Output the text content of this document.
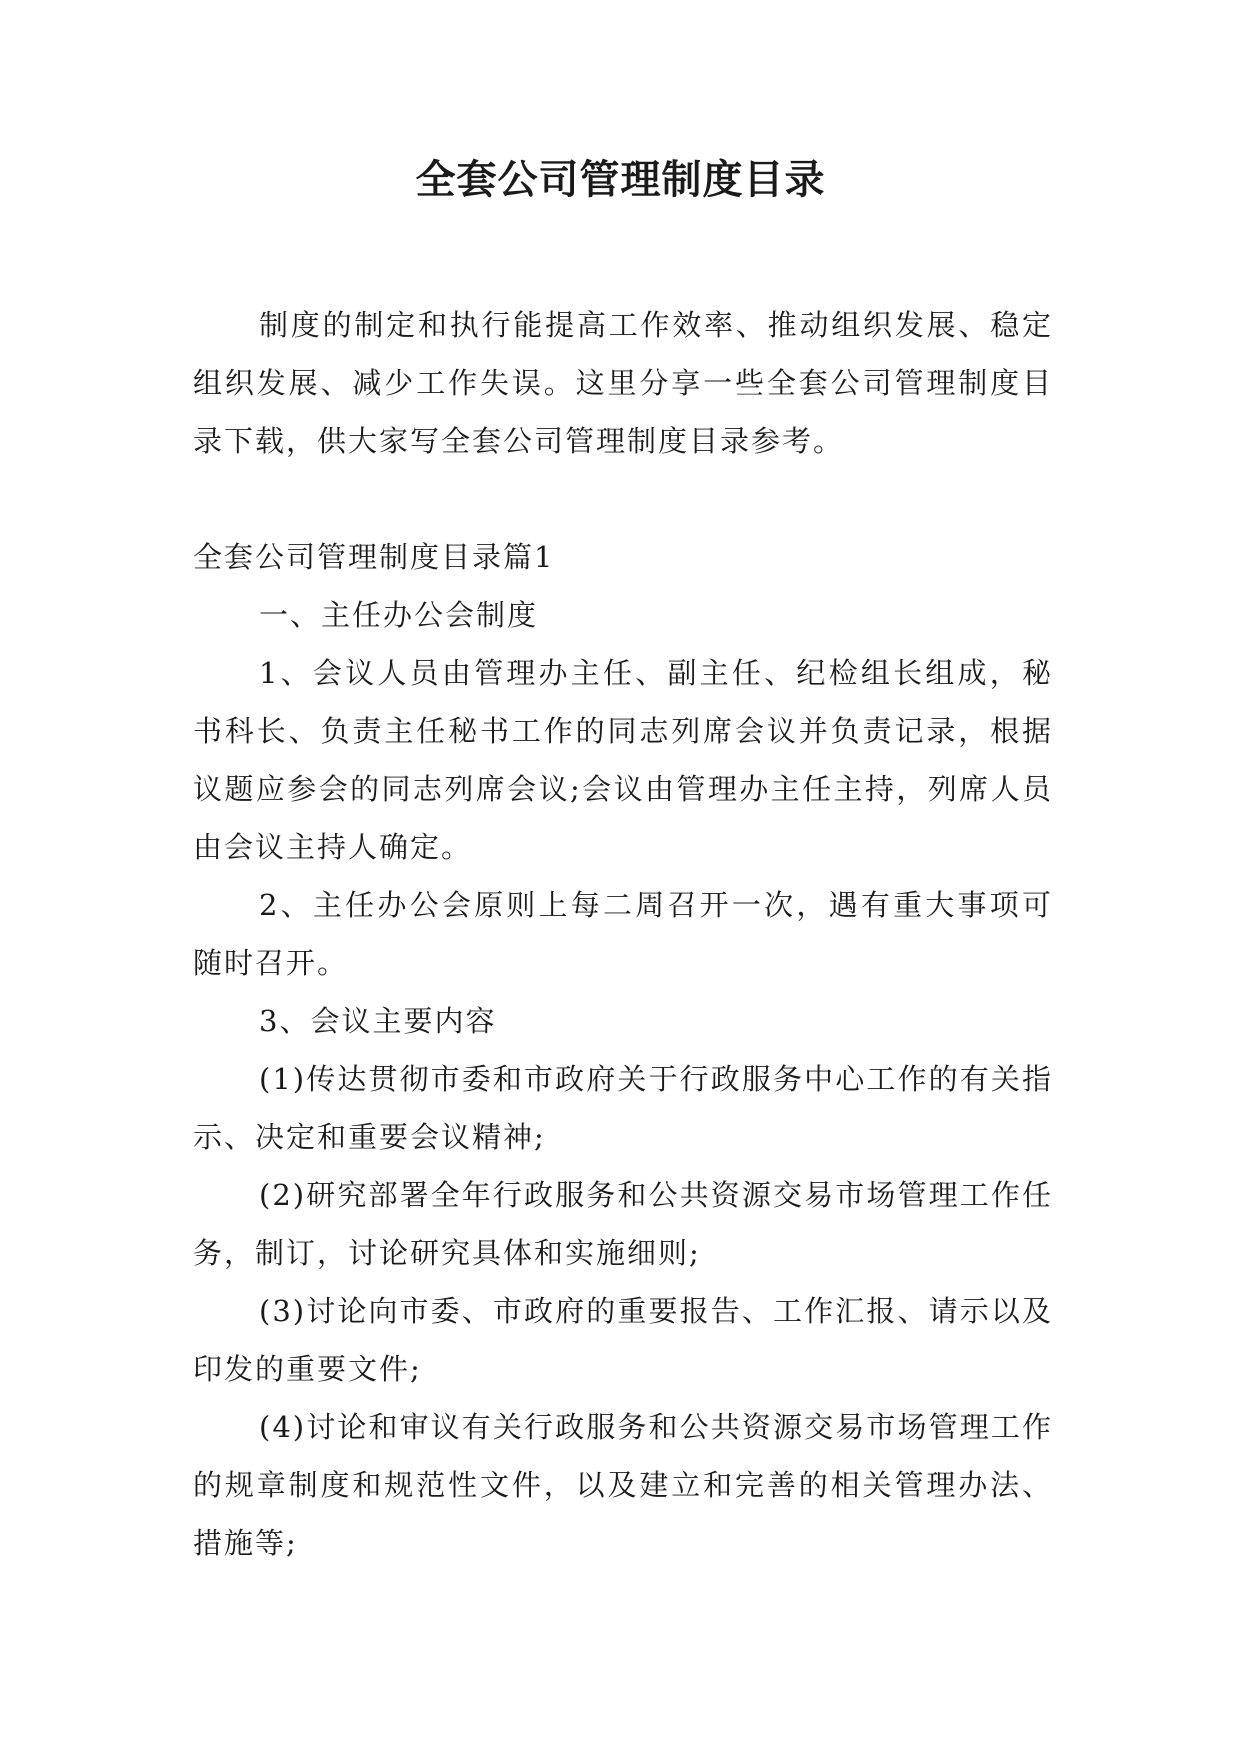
全套公司管理制度目录

制度的制定和执行能提高工作效率、推动组织发展、稳定组织发展、减少工作失误。这里分享一些全套公司管理制度目录下载，供大家写全套公司管理制度目录参考。

全套公司管理制度目录篇1

一、主任办公会制度

1、会议人员由管理办主任、副主任、纪检组长组成，秘书科长、负责主任秘书工作的同志列席会议并负责记录，根据议题应参会的同志列席会议;会议由管理办主任主持，列席人员由会议主持人确定。

2、主任办公会原则上每二周召开一次，遇有重大事项可随时召开。

3、会议主要内容

(1)传达贯彻市委和市政府关于行政服务中心工作的有关指示、决定和重要会议精神;

(2)研究部署全年行政服务和公共资源交易市场管理工作任务，制订，讨论研究具体和实施细则;

(3)讨论向市委、市政府的重要报告、工作汇报、请示以及印发的重要文件;

(4)讨论和审议有关行政服务和公共资源交易市场管理工作的规章制度和规范性文件，以及建立和完善的相关管理办法、措施等;
